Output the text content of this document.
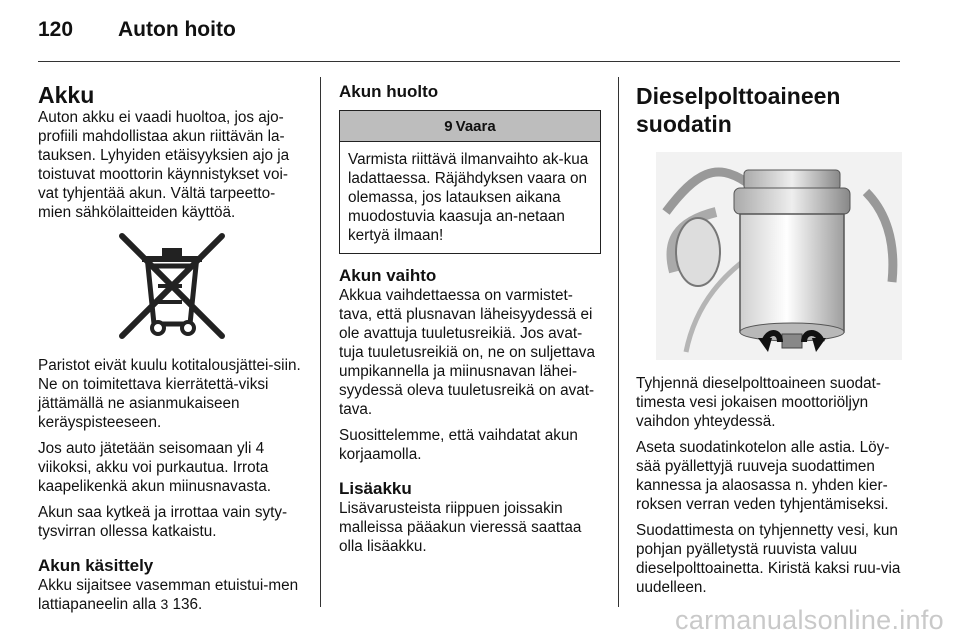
120 Auton hoito
Akku

Auton akku ei vaadi huoltoa, jos ajo-profiili mahdollistaa akun riittävän la-tauksen. Lyhyiden etäisyyksien ajo ja toistuvat moottorin käynnistykset voi-vat tyhjentää akun. Vältä tarpeetto-mien sähkölaitteiden käyttöä.

Paristot eivät kuulu kotitalousjättei-siin. Ne on toimitettava kierrätettä-viksi jättämällä ne asianmukaiseen keräyspisteeseen.

Jos auto jätetään seisomaan yli 4 viikoksi, akku voi purkautua. Irrota kaapelikenkä akun miinusnavasta.

Akun saa kytkeä ja irrottaa vain syty-tysvirran ollessa katkaistu.

Akun käsittely

Akku sijaitsee vasemman etuistui-men lattiapaneelin alla 3 136.

Akun huolto
9 Vaara

Varmista riittävä ilmanvaihto ak-kua ladattaessa. Räjähdyksen vaara on olemassa, jos latauksen aikana muodostuvia kaasuja an-netaan kertyä ilmaan!

Akun vaihto

Akkua vaihdettaessa on varmistet-tava, että plusnavan läheisyydessä ei ole avattuja tuuletusreikiä. Jos avat-tuja tuuletusreikiä on, ne on suljettava umpikannella ja miinusnavan lähei-syydessä oleva tuuletusreikä on avat-tava.

Suosittelemme, että vaihdatat akun korjaamolla.

Lisäakku

Lisävarusteista riippuen joissakin malleissa pääakun vieressä saattaa olla lisäakku.

Dieselpolttoaineen
suodatin

Tyhjennä dieselpolttoaineen suodat-timesta vesi jokaisen moottoriöljyn vaihdon yhteydessä.

Aseta suodatinkotelon alle astia. Löy-sää pyällettyjä ruuveja suodattimen kannessa ja alaosassa n. yhden kier-roksen verran veden tyhjentämiseksi.

Suodattimesta on tyhjennetty vesi, kun pohjan pyälletystä ruuvista valuu dieselpolttoainetta. Kiristä kaksi ruu-via uudelleen.

carmanualsonline.info
